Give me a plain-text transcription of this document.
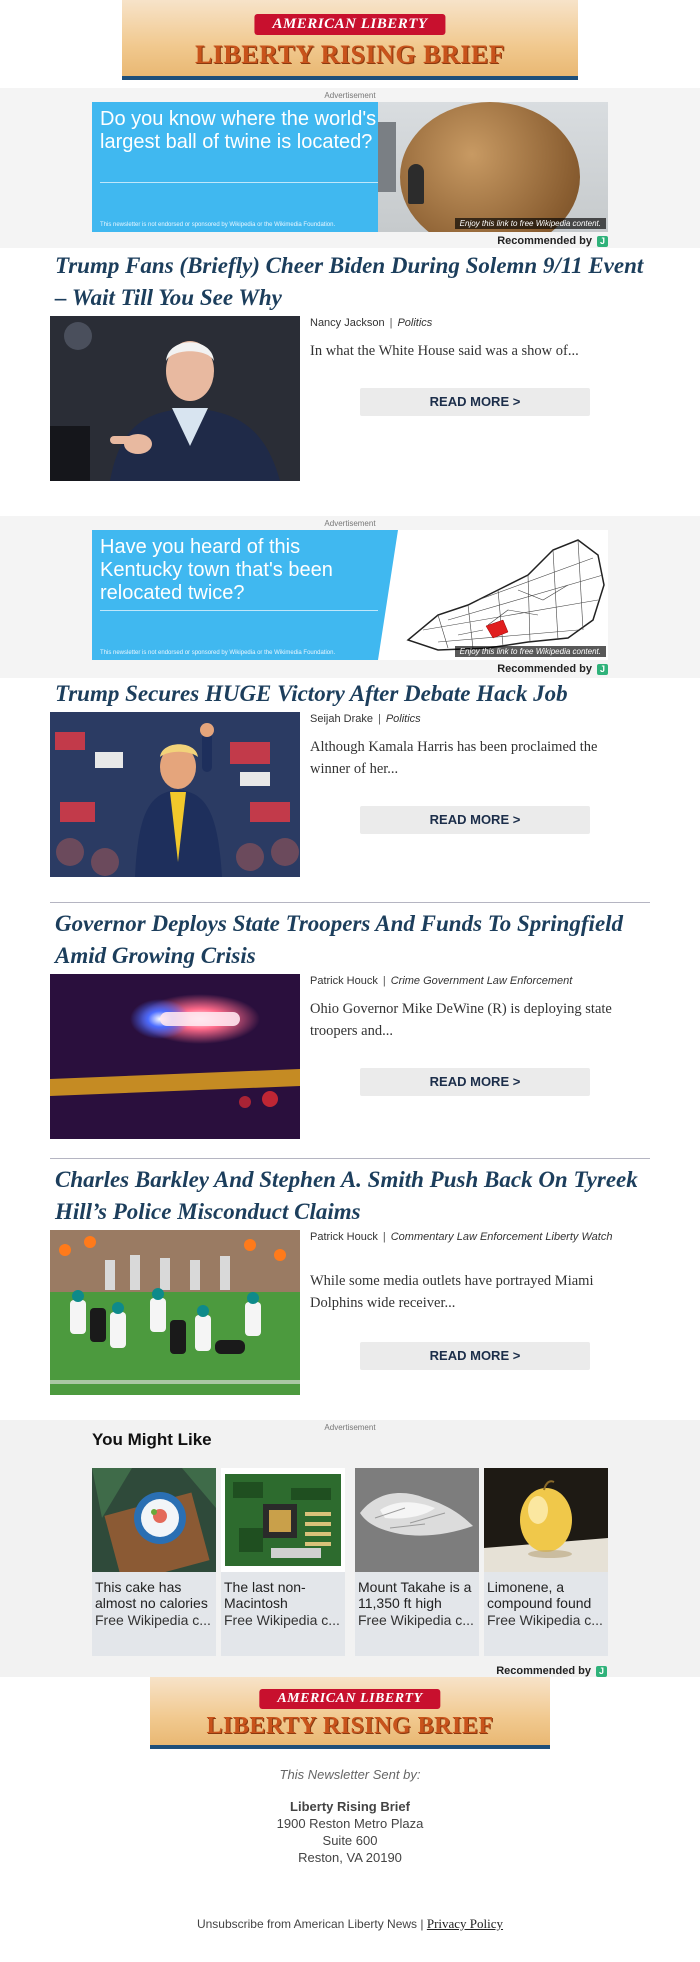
AMERICAN LIBERTY
LIBERTY RISING BRIEF
Advertisement
Do you know where the world's largest ball of twine is located?
This newsletter is not endorsed or sponsored by Wikipedia or the Wikimedia Foundation.	Enjoy this link to free Wikipedia content.
Recommended by J
Trump Fans (Briefly) Cheer Biden During Solemn 9/11 Event – Wait Till You See Why
Nancy Jackson | Politics
In what the White House said was a show of...
READ MORE >
Advertisement
Have you heard of this Kentucky town that's been relocated twice?
This newsletter is not endorsed or sponsored by Wikipedia or the Wikimedia Foundation.	Enjoy this link to free Wikipedia content.
Recommended by J
Trump Secures HUGE Victory After Debate Hack Job
Seijah Drake | Politics
Although Kamala Harris has been proclaimed the winner of her...
READ MORE >
Governor Deploys State Troopers And Funds To Springfield Amid Growing Crisis
Patrick Houck | Crime Government Law Enforcement
Ohio Governor Mike DeWine (R) is deploying state troopers and...
READ MORE >
Charles Barkley And Stephen A. Smith Push Back On Tyreek Hill’s Police Misconduct Claims
Patrick Houck | Commentary Law Enforcement Liberty Watch
While some media outlets have portrayed Miami Dolphins wide receiver...
READ MORE >
Advertisement
You Might Like
This cake has almost no calories
Free Wikipedia c...
The last non-Macintosh
Free Wikipedia c...
Mount Takahe is a 11,350 ft high
Free Wikipedia c...
Limonene, a compound found
Free Wikipedia c...
Recommended by J
AMERICAN LIBERTY
LIBERTY RISING BRIEF
This Newsletter Sent by:
Liberty Rising Brief
1900 Reston Metro Plaza
Suite 600
Reston, VA 20190
Unsubscribe from American Liberty News | Privacy Policy
